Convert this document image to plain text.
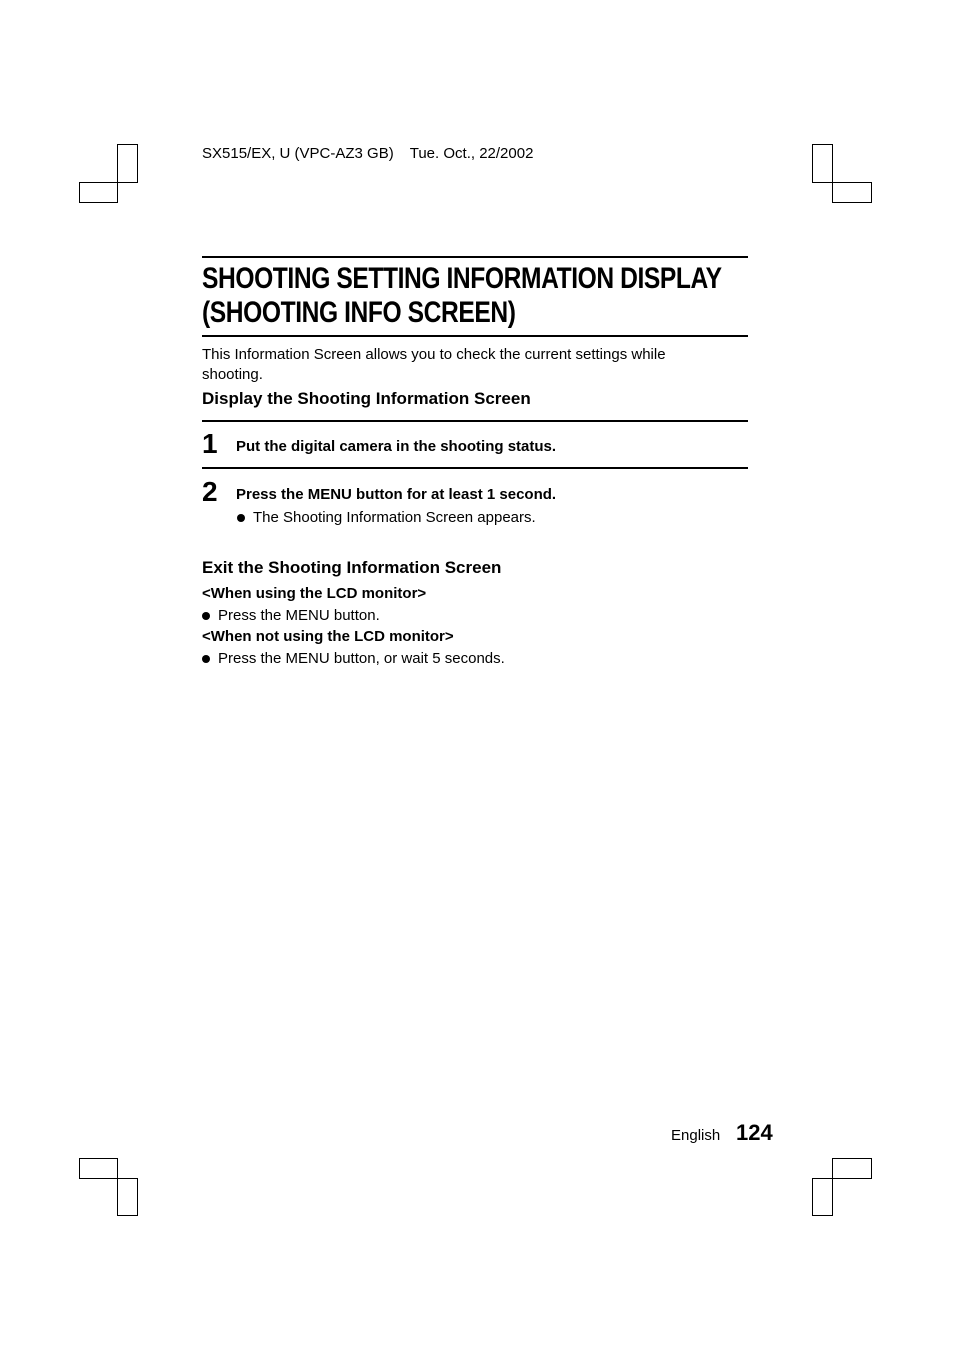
SX515/EX, U (VPC-AZ3 GB) Tue. Oct., 22/2002
SHOOTING SETTING INFORMATION DISPLAY
(SHOOTING INFO SCREEN)
This Information Screen allows you to check the current settings while
shooting.
Display the Shooting Information Screen
1 Put the digital camera in the shooting status.
2 Press the MENU button for at least 1 second.
The Shooting Information Screen appears.
Exit the Shooting Information Screen
<When using the LCD monitor>
Press the MENU button.
<When not using the LCD monitor>
Press the MENU button, or wait 5 seconds.
English 124
